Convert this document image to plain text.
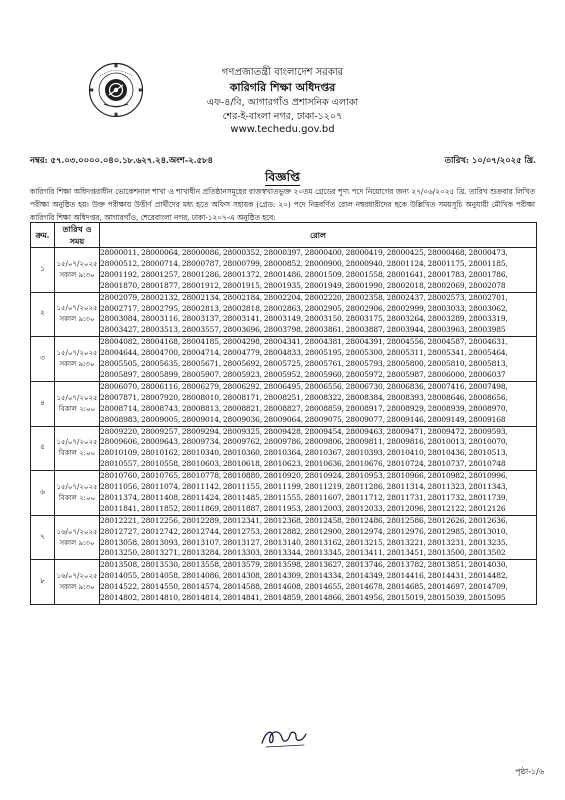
গণপ্রজাতন্ত্রী বাংলাদেশ সরকার
কারিগরি শিক্ষা অধিদপ্তর
এফ-৪/বি, আগারগাঁও প্রশাসনিক এলাকা
শের-ই-বাংলা নগর, ঢাকা-১২০৭
www.techedu.gov.bd
নম্বর: ৫৭.০৩.০০০০.০৪০.১৮.৬২৭.২৪.অংশ-২.৫৮৪	তারিখ: ১০/০৭/২০২৫ খ্রি.
বিজ্ঞপ্তি
কারিগরি শিক্ষা অধিদপ্তরাধীন ভোকেশনাল শাখা ও শাখাধীন প্রতিষ্ঠানসমূহের রাজস্বখাতভুক্ত ২০তম গ্রেডের শূণ্য পদে নিয়োগের জন্য ২৭/০৬/২০২৫ খ্রি. তারিখ শুক্রবার লিখিত পরীক্ষা অনুষ্ঠিত হয়। উক্ত পরীক্ষায় উত্তীর্ণ প্রার্থীদের মধ্য হতে অফিস সহায়ক (গ্রেড: ২০) পদে নিম্নবর্ণিত রোল নম্বরধারীদের ছকে উল্লিখিত সময়সূচি অনুযায়ী মৌখিক পরীক্ষা কারিগরি শিক্ষা অধিদপ্তর, আগারগাঁও, শেরেবাংলা নগর, ঢাকা-১২০৭-এ অনুষ্ঠিত হবে:
ক্রম.	তারিখ ও সময়	রোল
১	১৫/০৭/২০২৫
সকাল ৯:৩০	28000011, 28000064, 28000086, 28000352, 28000397, 28000400, 28000419, 28000425, 28000468, 28000473, 28000512, 28000714, 28000787, 28000799, 28000852, 28000900, 28000940, 28001124, 28001175, 28001185, 28001192, 28001257, 28001286, 28001372, 28001486, 28001509, 28001558, 28001641, 28001783, 28001786, 28001870, 28001877, 28001912, 28001915, 28001935, 28001949, 28001990, 28002018, 28002069, 28002078
২	১৫/০৭/২০২৫
সকাল ৯:৩০	28002079, 28002132, 28002134, 28002184, 28002204, 28002220, 28002358, 28002437, 28002573, 28002701, 28002717, 28002795, 28002813, 28002818, 28002863, 28002905, 28002906, 28002999, 28003033, 28003062, 28003084, 28003116, 28003137, 28003141, 28003149, 28003150, 28003175, 28003264, 28003289, 28003319, 28003427, 28003513, 28003557, 28003696, 28003798, 28003861, 28003887, 28003944, 28003963, 28003985
৩	১৫/০৭/২০২৫
সকাল ৯:৩০	28004082, 28004168, 28004185, 28004298, 28004341, 28004381, 28004391, 28004556, 28004587, 28004631, 28004644, 28004700, 28004714, 28004779, 28004833, 28005195, 28005300, 28005311, 28005341, 28005464, 28005505, 28005635, 28005671, 28005692, 28005725, 28005761, 28005793, 28005800, 28005810, 28005813, 28005897, 28005899, 28005907, 28005923, 28005952, 28005960, 28005972, 28005987, 28006000, 28006037
৪	১৫/০৭/২০২৫
বিকাল ২:০০	28006070, 28006116, 28006279, 28006292, 28006495, 28006556, 28006730, 28006836, 28007416, 28007498, 28007871, 28007920, 28008010, 28008171, 28008251, 28008322, 28008384, 28008393, 28008646, 28008656, 28008714, 28008743, 28008813, 28008821, 28008827, 28008859, 28008917, 28008929, 28008939, 28008970, 28008983, 28009005, 28009014, 28009036, 28009064, 28009075, 28009077, 28009146, 28009149, 28009168
৫	১৫/০৭/২০২৫
বিকাল ২:০০	28009220, 28009257, 28009294, 28009325, 28009428, 28009454, 28009463, 28009471, 28009472, 28009593, 28009606, 28009643, 28009734, 28009762, 28009786, 28009806, 28009811, 28009816, 28010013, 28010070, 28010109, 28010162, 28010340, 28010360, 28010364, 28010367, 28010393, 28010410, 28010436, 28010513, 28010557, 28010558, 28010603, 28010618, 28010623, 28010636, 28010676, 28010724, 28010737, 28010748
৬	১৫/০৭/২০২৫
বিকাল ২:০০	28010760, 28010765, 28010778, 28010880, 28010920, 28010924, 28010953, 28010966, 28010982, 28010996, 28011056, 28011074, 28011142, 28011155, 28011199, 28011219, 28011286, 28011314, 28011323, 28011343, 28011374, 28011408, 28011424, 28011485, 28011555, 28011607, 28011712, 28011731, 28011732, 28011739, 28011841, 28011852, 28011869, 28011887, 28011953, 28012003, 28012033, 28012096, 28012122, 28012126
৭	১৬/০৭/২০২৫
সকাল ৯:৩০	28012221, 28012256, 28012289, 28012341, 28012368, 28012458, 28012486, 28012586, 28012626, 28012636, 28012727, 28012742, 28012744, 28012753, 28012882, 28012900, 28012974, 28012976, 28012985, 28013010, 28013058, 28013093, 28013107, 28013127, 28013140, 28013162, 28013215, 28013221, 28013231, 28013235, 28013250, 28013271, 28013284, 28013303, 28013344, 28013345, 28013411, 28013451, 28013500, 28013502
৮	১৬/০৭/২০২৫
সকাল ৯:৩০	28013508, 28013530, 28013558, 28013579, 28013598, 28013627, 28013746, 28013782, 28013851, 28014030, 28014055, 28014058, 28014086, 28014308, 28014309, 28014334, 28014349, 28014416, 28014431, 28014482, 28014522, 28014550, 28014574, 28014588, 28014608, 28014655, 28014678, 28014685, 28014697, 28014709, 28014802, 28014810, 28014814, 28014841, 28014859, 28014866, 28014956, 28015019, 28015039, 28015095
পৃষ্ঠা-১/৬
